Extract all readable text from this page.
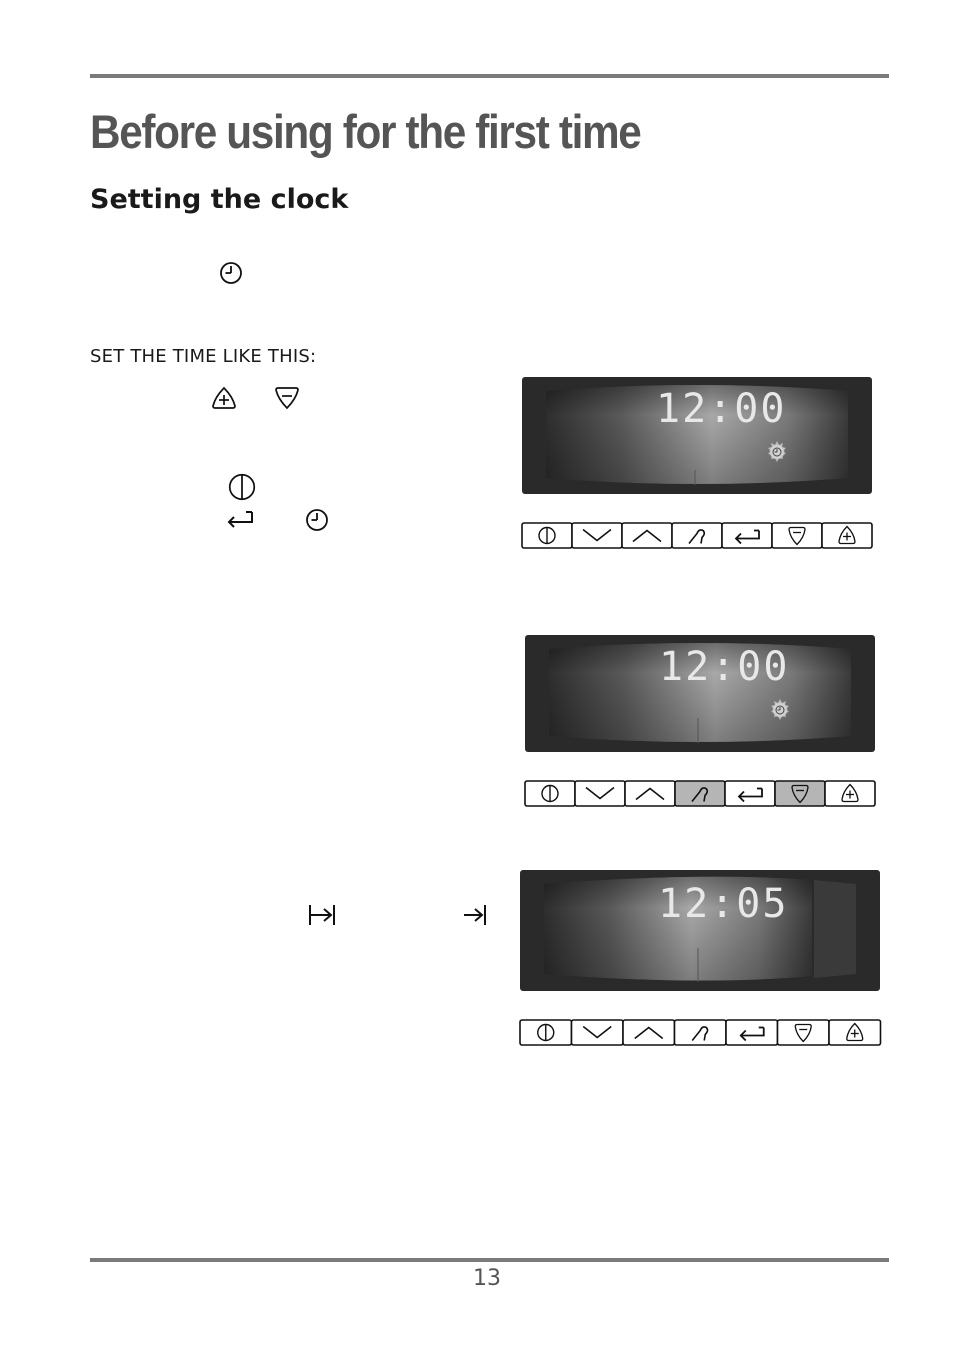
Before using for the first time
Setting the clock
SET THE TIME LIKE THIS:
12:00
12:00
12:05
13
